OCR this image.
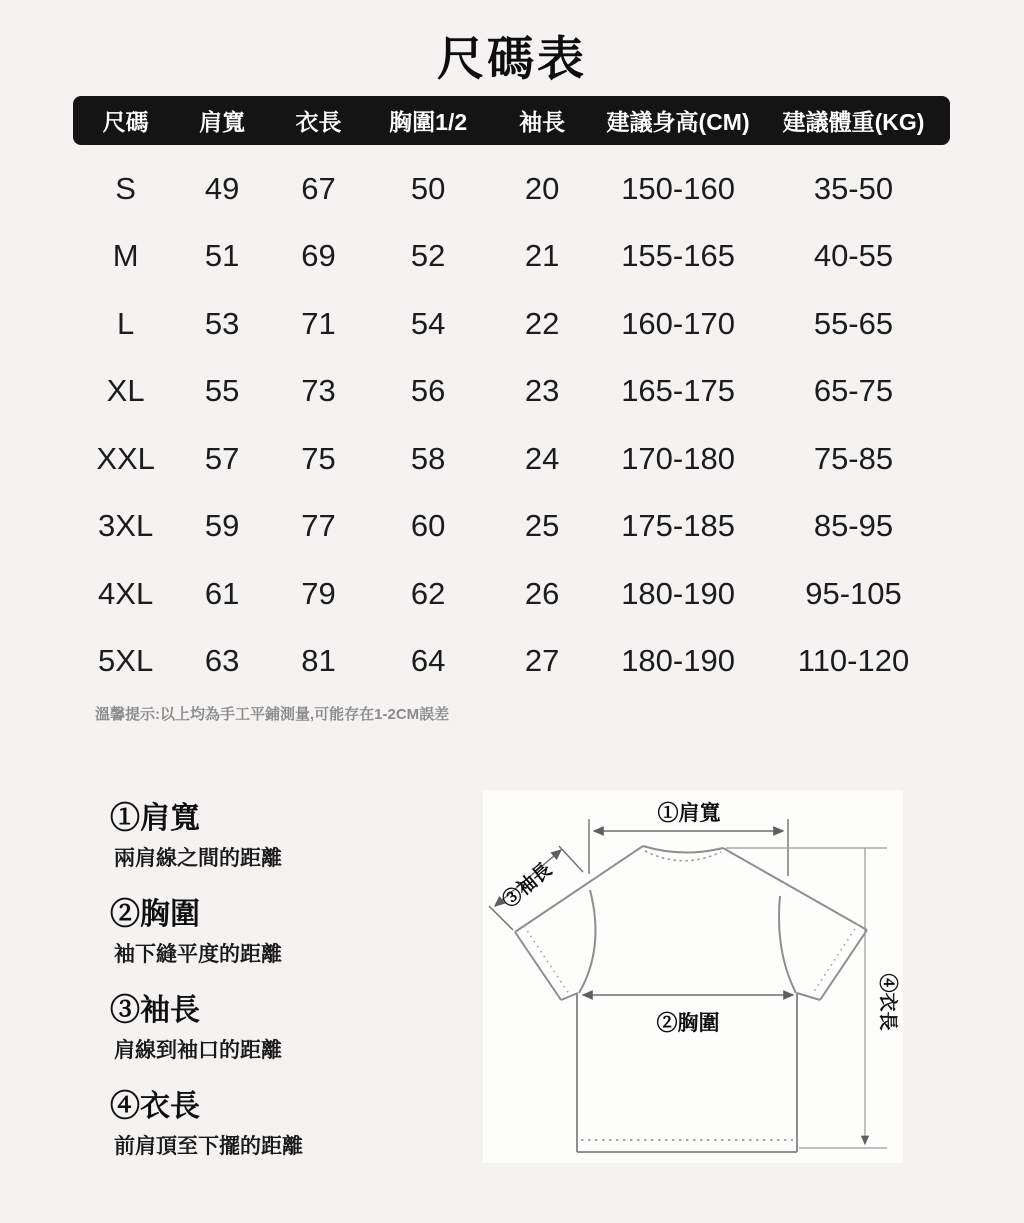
尺碼表
尺碼	肩寬	衣長	胸圍1/2	袖長	建議身高(CM)	建議體重(KG)
S	49	67	50	20	150-160	35-50
M	51	69	52	21	155-165	40-55
L	53	71	54	22	160-170	55-65
XL	55	73	56	23	165-175	65-75
XXL	57	75	58	24	170-180	75-85
3XL	59	77	60	25	175-185	85-95
4XL	61	79	62	26	180-190	95-105
5XL	63	81	64	27	180-190	110-120
溫馨提示:以上均為手工平鋪測量,可能存在1-2CM誤差
①肩寬
兩肩線之間的距離
②胸圍
袖下縫平度的距離
③袖長
肩線到袖口的距離
④衣長
前肩頂至下擺的距離
①肩寬
④衣長
②胸圍
③袖長
